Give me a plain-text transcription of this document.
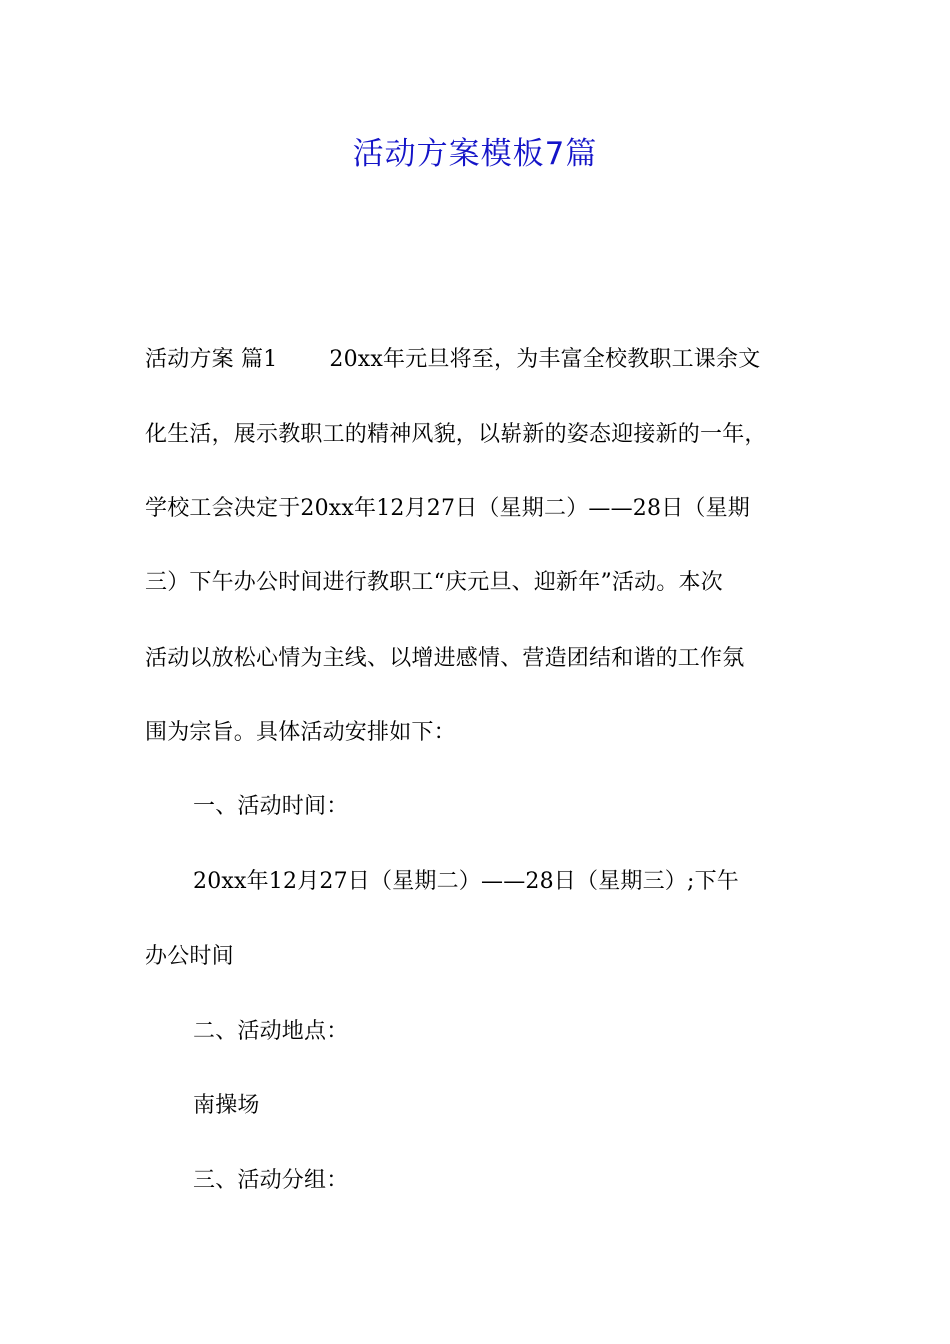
活动方案模板7篇
活动方案 篇1 20xx年元旦将至，为丰富全校教职工课余文
化生活，展示教职工的精神风貌，以崭新的姿态迎接新的一年，
学校工会决定于20xx年12月27日（星期二）——28日（星期
三）下午办公时间进行教职工“庆元旦、迎新年”活动。本次
活动以放松心情为主线、以增进感情、营造团结和谐的工作氛
围为宗旨。具体活动安排如下：
一、活动时间：
20xx年12月27日（星期二）——28日（星期三）;下午
办公时间
二、活动地点：
南操场
三、活动分组：
